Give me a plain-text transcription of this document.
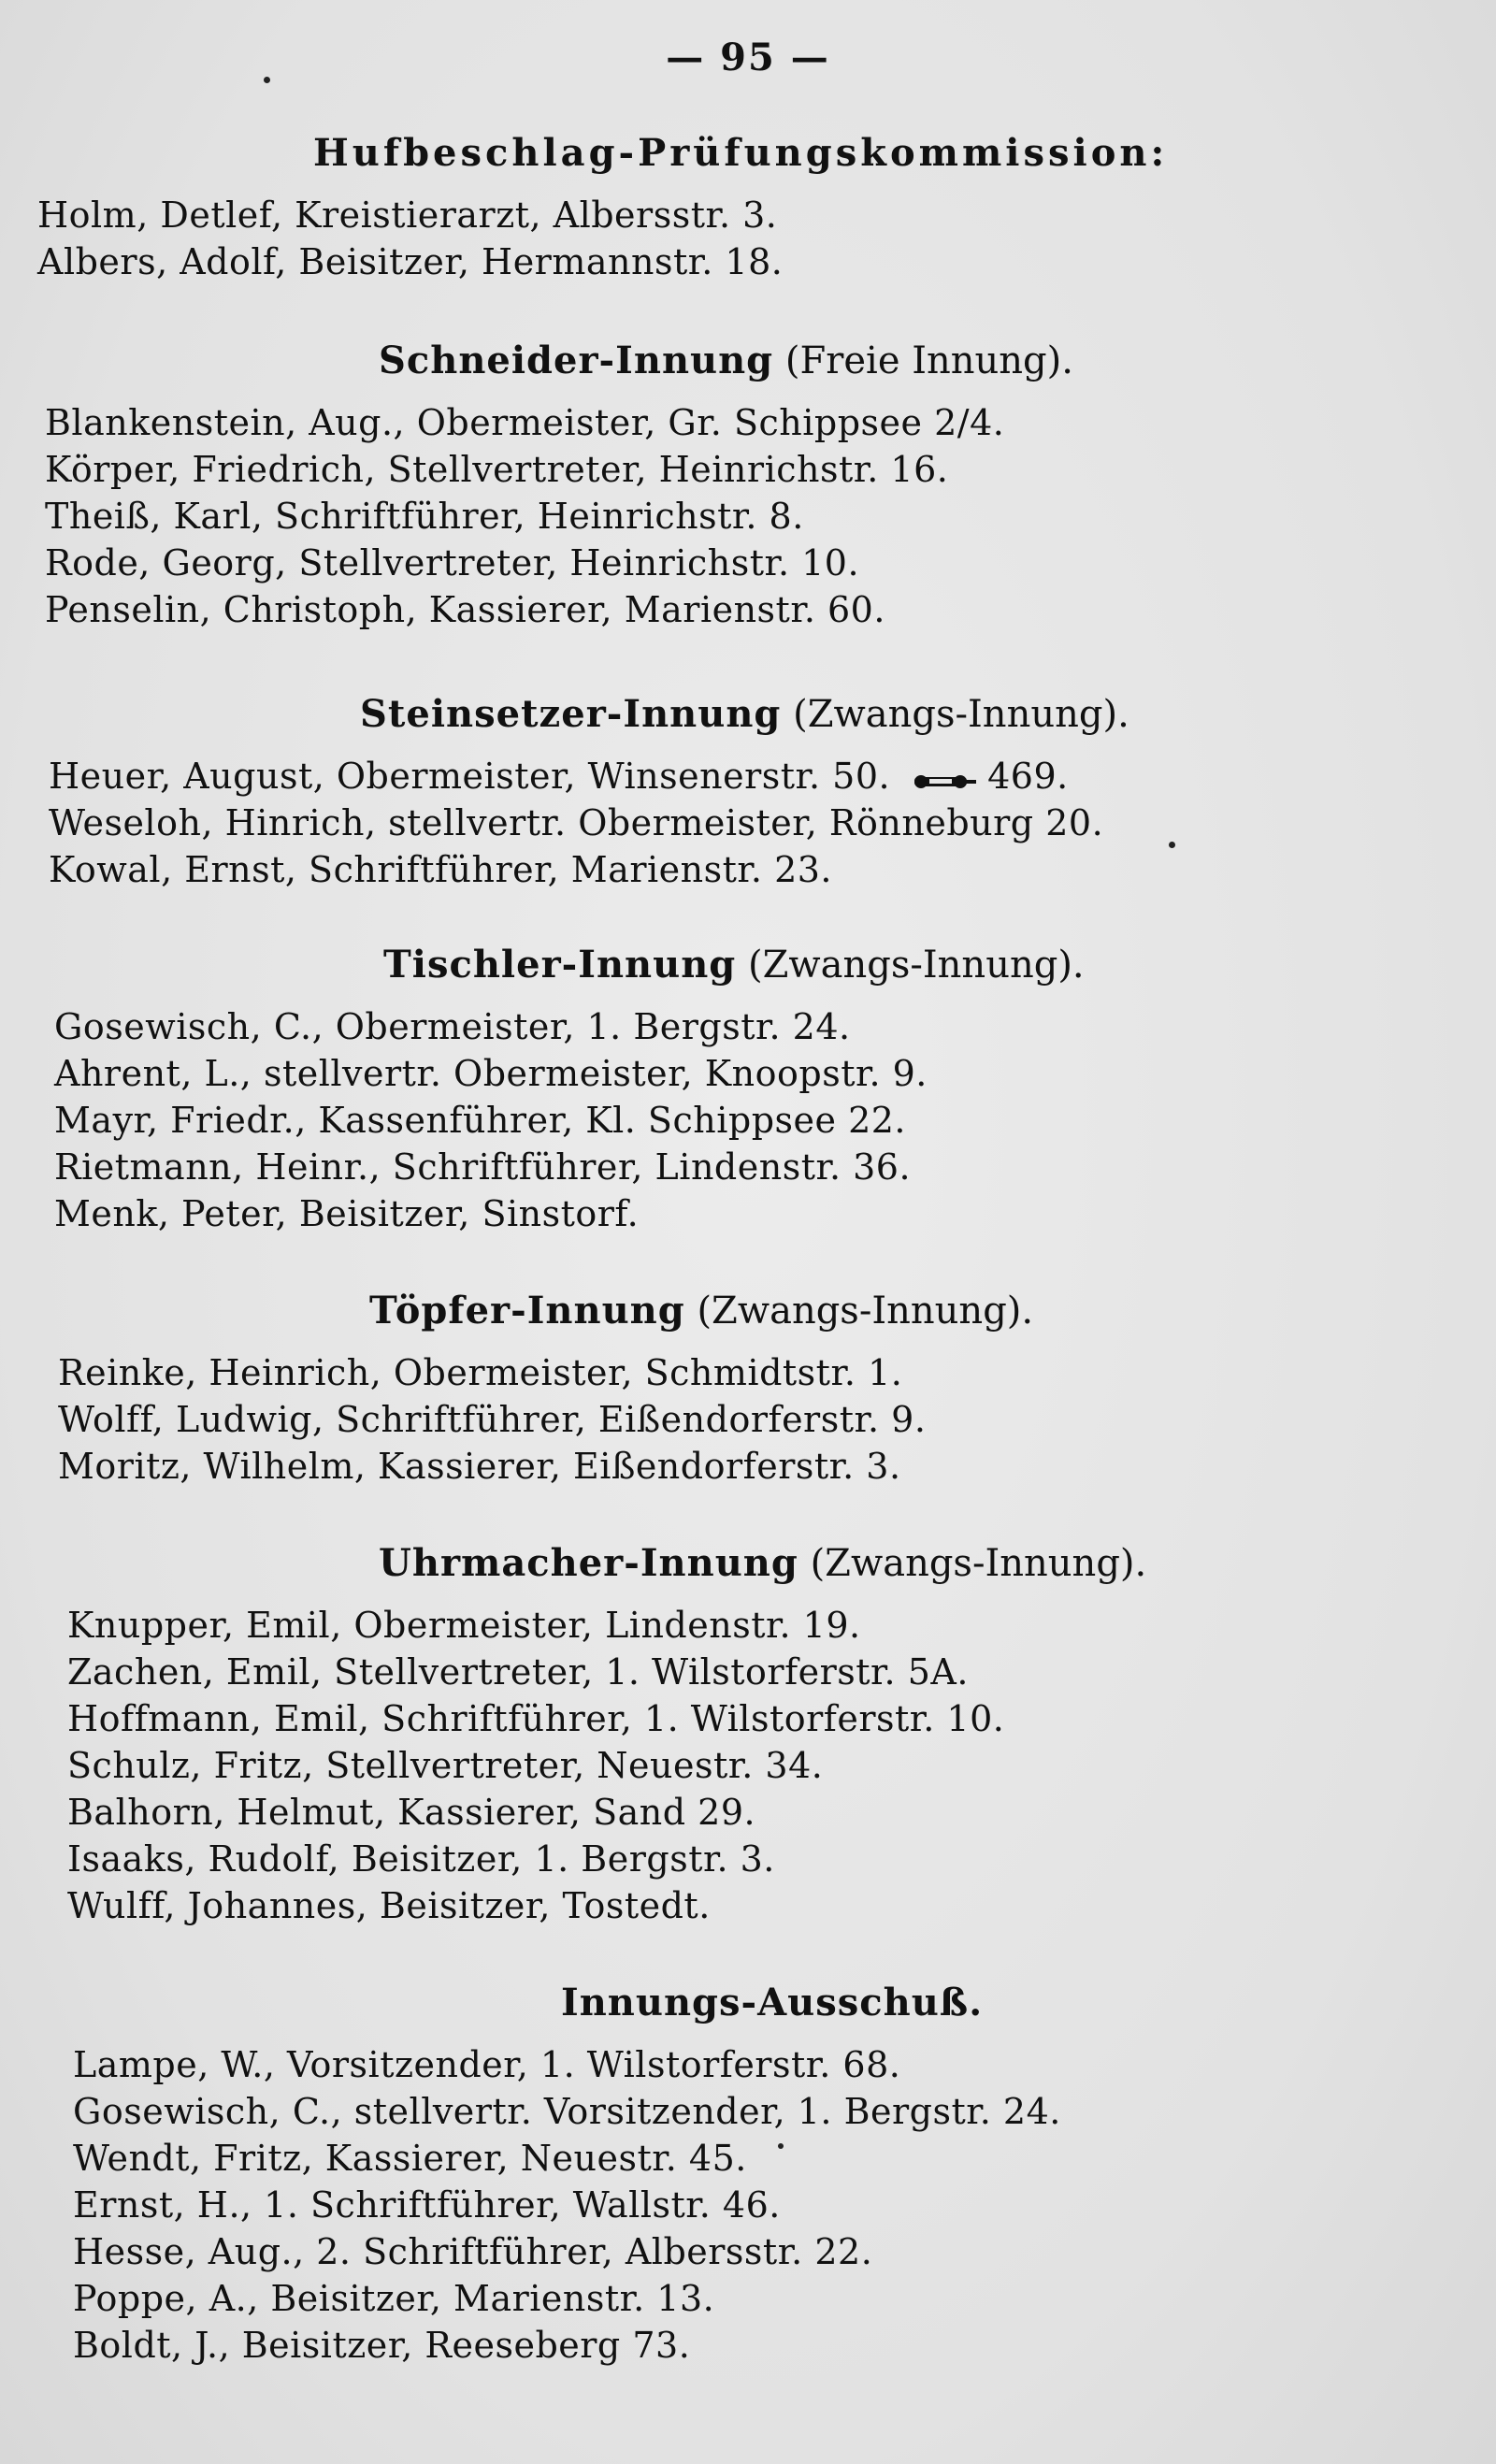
— 95 —
Hufbeschlag-Prüfungskommission:
Holm, Detlef, Kreistierarzt, Albersstr. 3.
Albers, Adolf, Beisitzer, Hermannstr. 18.
Schneider-Innung (Freie Innung).
Blankenstein, Aug., Obermeister, Gr. Schippsee 2/4.
Körper, Friedrich, Stellvertreter, Heinrichstr. 16.
Theiß, Karl, Schriftführer, Heinrichstr. 8.
Rode, Georg, Stellvertreter, Heinrichstr. 10.
Penselin, Christoph, Kassierer, Marienstr. 60.
Steinsetzer-Innung (Zwangs-Innung).
Heuer, August, Obermeister, Winsenerstr. 50.	469.
Weseloh, Hinrich, stellvertr. Obermeister, Rönneburg 20.
Kowal, Ernst, Schriftführer, Marienstr. 23.
Tischler-Innung (Zwangs-Innung).
Gosewisch, C., Obermeister, 1. Bergstr. 24.
Ahrent, L., stellvertr. Obermeister, Knoopstr. 9.
Mayr, Friedr., Kassenführer, Kl. Schippsee 22.
Rietmann, Heinr., Schriftführer, Lindenstr. 36.
Menk, Peter, Beisitzer, Sinstorf.
Töpfer-Innung (Zwangs-Innung).
Reinke, Heinrich, Obermeister, Schmidtstr. 1.
Wolff, Ludwig, Schriftführer, Eißendorferstr. 9.
Moritz, Wilhelm, Kassierer, Eißendorferstr. 3.
Uhrmacher-Innung (Zwangs-Innung).
Knupper, Emil, Obermeister, Lindenstr. 19.
Zachen, Emil, Stellvertreter, 1. Wilstorferstr. 5A.
Hoffmann, Emil, Schriftführer, 1. Wilstorferstr. 10.
Schulz, Fritz, Stellvertreter, Neuestr. 34.
Balhorn, Helmut, Kassierer, Sand 29.
Isaaks, Rudolf, Beisitzer, 1. Bergstr. 3.
Wulff, Johannes, Beisitzer, Tostedt.
Innungs-Ausschuß.
Lampe, W., Vorsitzender, 1. Wilstorferstr. 68.
Gosewisch, C., stellvertr. Vorsitzender, 1. Bergstr. 24.
Wendt, Fritz, Kassierer, Neuestr. 45.
Ernst, H., 1. Schriftführer, Wallstr. 46.
Hesse, Aug., 2. Schriftführer, Albersstr. 22.
Poppe, A., Beisitzer, Marienstr. 13.
Boldt, J., Beisitzer, Reeseberg 73.
